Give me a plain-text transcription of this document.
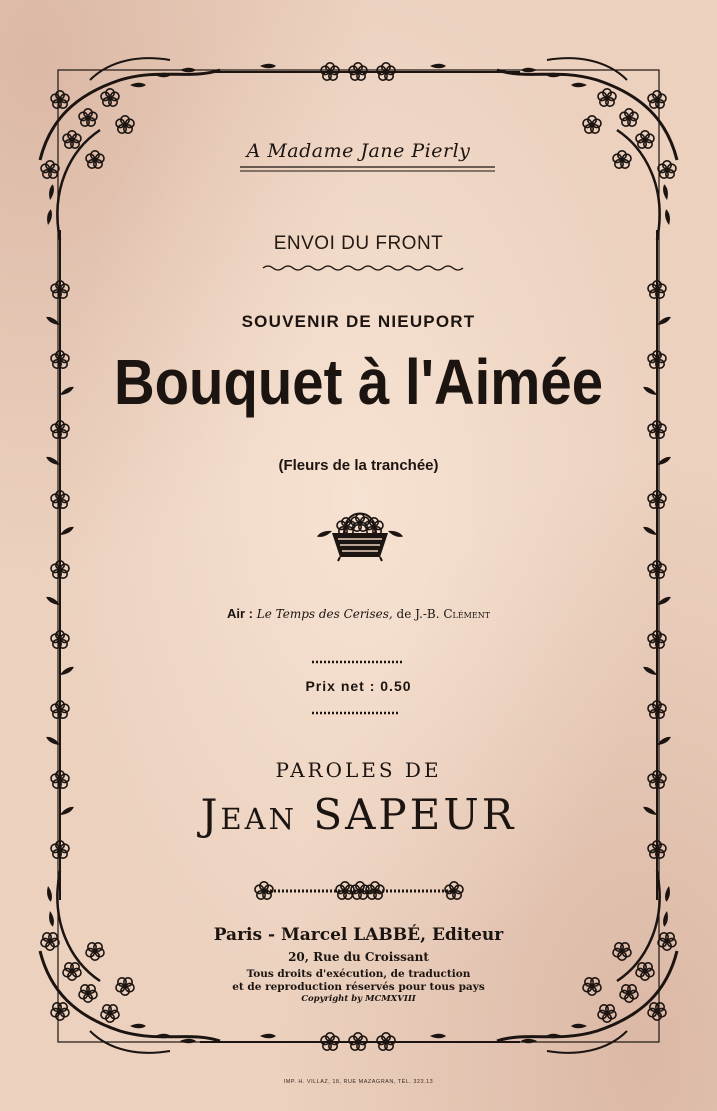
A Madame Jane Pierly
ENVOI DU FRONT
SOUVENIR DE NIEUPORT
Bouquet à l'Aimée
(Fleurs de la tranchée)
Air : Le Temps des Cerises, de J.-B. Clément
Prix net : 0.50
PAROLES DE
Jean SAPEUR
Paris - Marcel LABBÉ, Editeur
20, Rue du Croissant
Tous droits d'exécution, de traduction
et de reproduction réservés pour tous pays
Copyright by MCMXVIII
IMP. H. VILLAZ, 18, RUE MAZAGRAN, TÉL. 323.13
